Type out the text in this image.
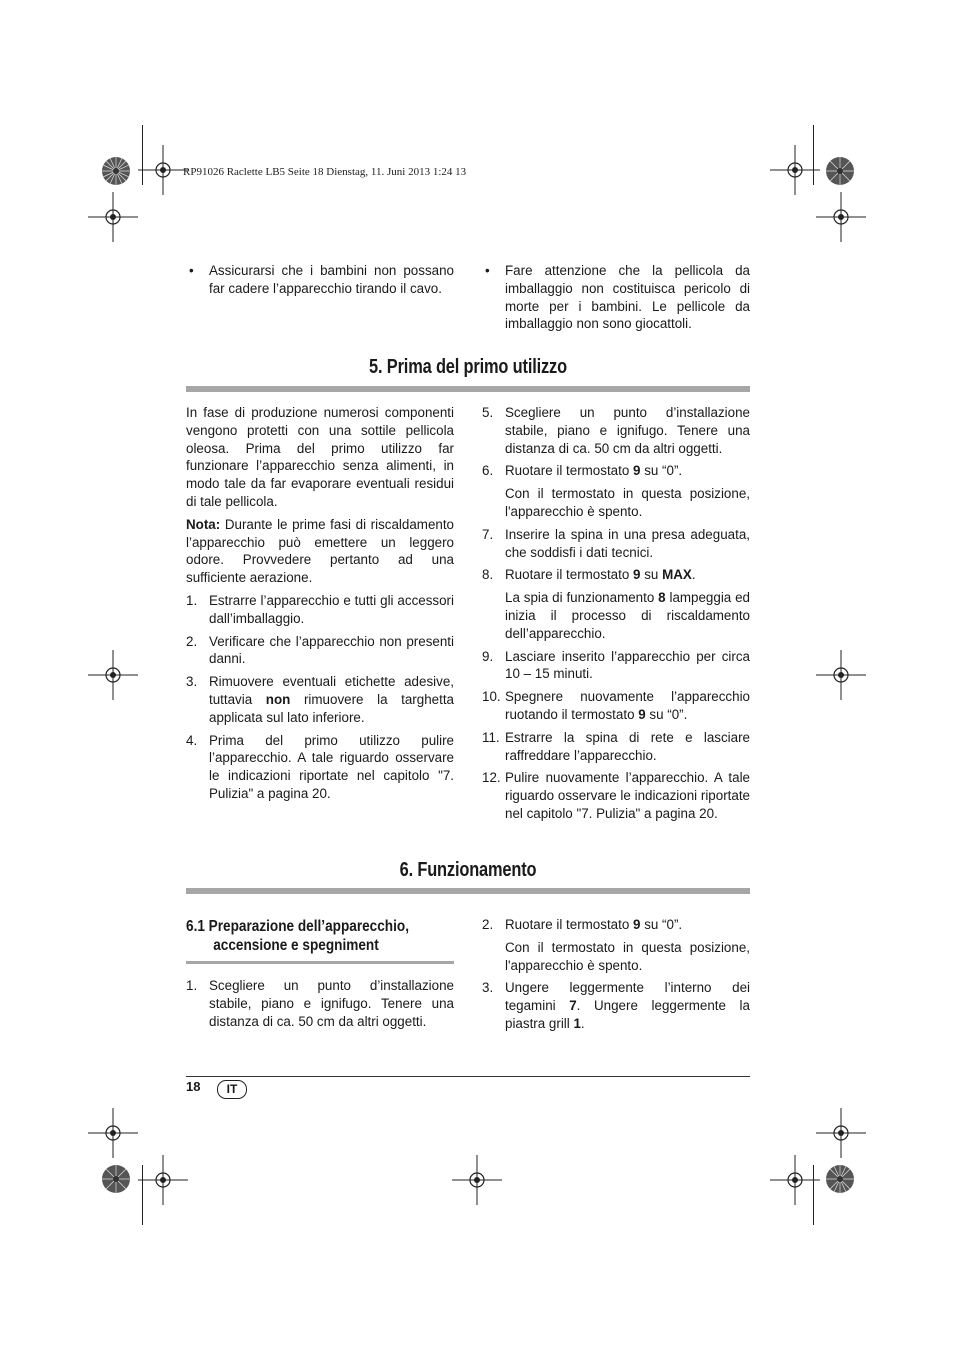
RP91026 Raclette LB5 Seite 18 Dienstag, 11. Juni 2013 1:24 13
• Assicurarsi che i bambini non possano far cadere l’apparecchio tirando il cavo.
• Fare attenzione che la pellicola da imballaggio non costituisca pericolo di morte per i bambini. Le pellicole da imballaggio non sono giocattoli.
5. Prima del primo utilizzo

In fase di produzione numerosi componenti vengono protetti con una sottile pellicola oleosa. Prima del primo utilizzo far funzionare l’apparecchio senza alimenti, in modo tale da far evaporare eventuali residui di tale pellicola.

Nota: Durante le prime fasi di riscaldamento l’apparecchio può emettere un leggero odore. Provvedere pertanto ad una sufficiente aerazione.

1. Estrarre l’apparecchio e tutti gli accessori dall’imballaggio.
2. Verificare che l’apparecchio non presenti danni.
3. Rimuovere eventuali etichette adesive, tuttavia non rimuovere la targhetta applicata sul lato inferiore.
4. Prima del primo utilizzo pulire l’apparecchio. A tale riguardo osservare le indicazioni riportate nel capitolo "7. Pulizia" a pagina 20.
5. Scegliere un punto d’installazione stabile, piano e ignifugo. Tenere una distanza di ca. 50 cm da altri oggetti.
6. Ruotare il termostato 9 su “0”.
Con il termostato in questa posizione, l'apparecchio è spento.
7. Inserire la spina in una presa adeguata, che soddisfi i dati tecnici.
8. Ruotare il termostato 9 su MAX.
La spia di funzionamento 8 lampeggia ed inizia il processo di riscaldamento dell’apparecchio.
9. Lasciare inserito l’apparecchio per circa 10 – 15 minuti.
10. Spegnere nuovamente l’apparecchio ruotando il termostato 9 su “0”.
11. Estrarre la spina di rete e lasciare raffreddare l’apparecchio.
12. Pulire nuovamente l’apparecchio. A tale riguardo osservare le indicazioni riportate nel capitolo "7. Pulizia" a pagina 20.
6. Funzionamento
6.1 Preparazione dell’apparecchio,
accensione e spegniment
1. Scegliere un punto d’installazione stabile, piano e ignifugo. Tenere una distanza di ca. 50 cm da altri oggetti.
2. Ruotare il termostato 9 su “0”.
Con il termostato in questa posizione, l'apparecchio è spento.
3. Ungere leggermente l’interno dei tegamini 7. Ungere leggermente la piastra grill 1.
18	IT
